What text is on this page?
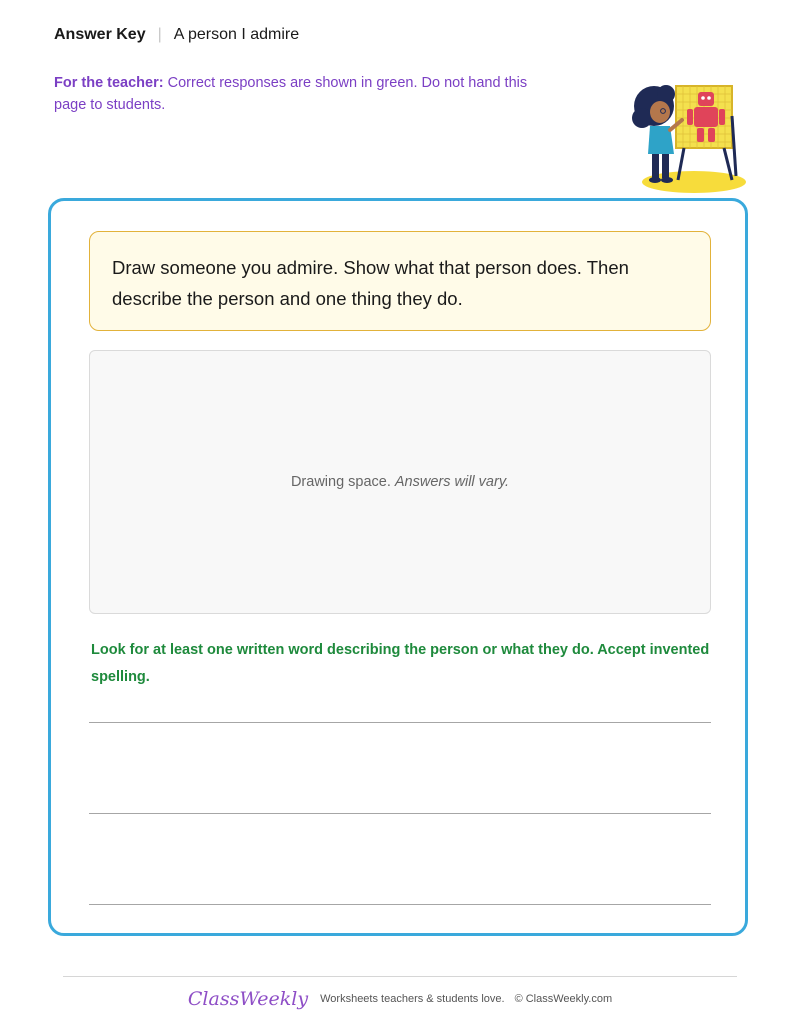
Answer Key | A person I admire
For the teacher: Correct responses are shown in green. Do not hand this page to students.
Draw someone you admire. Show what that person does. Then describe the person and one thing they do.
Drawing space. Answers will vary.
Look for at least one written word describing the person or what they do. Accept invented spelling.
ClassWeekly Worksheets teachers & students love. © ClassWeekly.com
